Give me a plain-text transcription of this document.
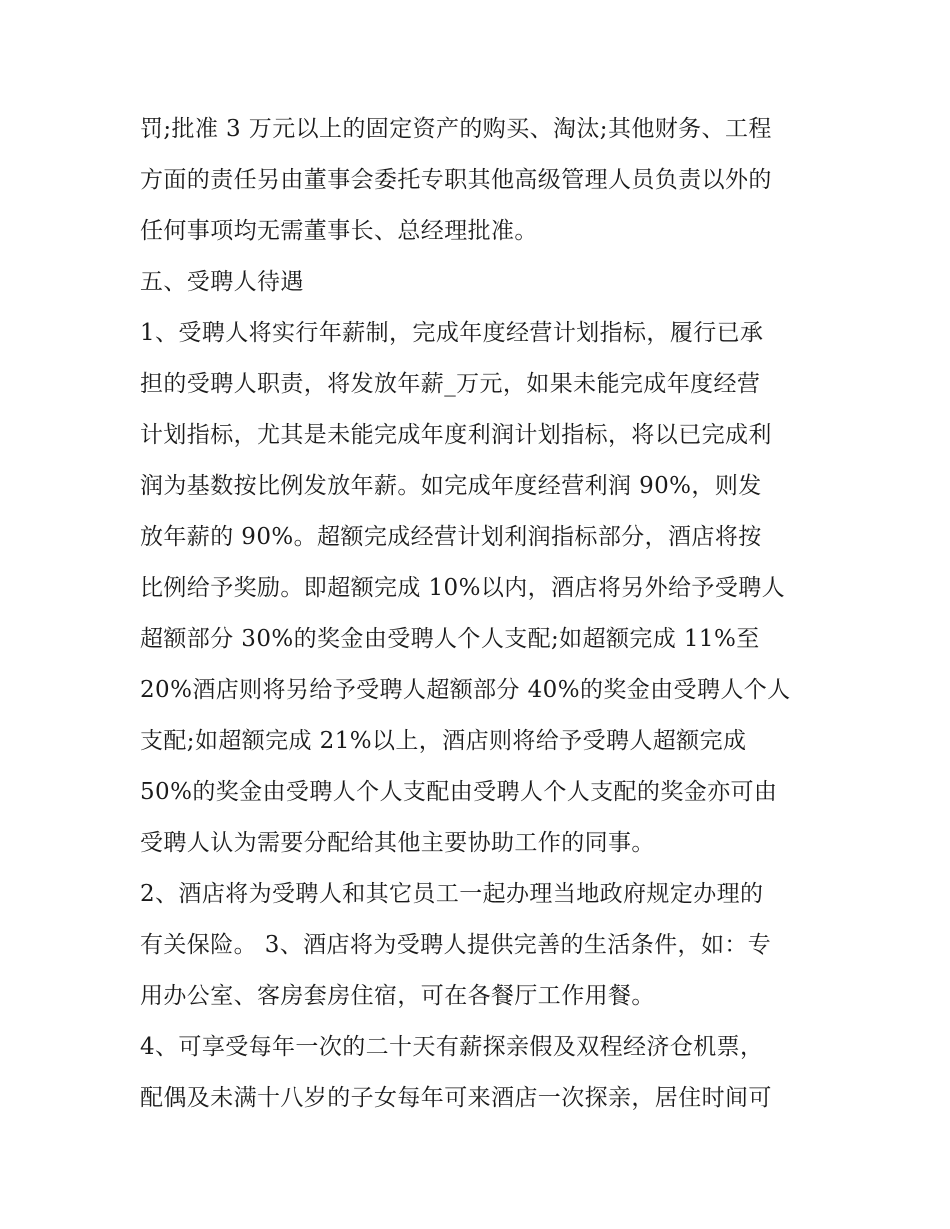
罚;批准 3 万元以上的固定资产的购买、淘汰;其他财务、工程
方面的责任另由董事会委托专职其他高级管理人员负责以外的
任何事项均无需董事长、总经理批准。
五、受聘人待遇
1、受聘人将实行年薪制，完成年度经营计划指标，履行已承
担的受聘人职责，将发放年薪_万元，如果未能完成年度经营
计划指标，尤其是未能完成年度利润计划指标，将以已完成利
润为基数按比例发放年薪。如完成年度经营利润 90%，则发
放年薪的 90%。超额完成经营计划利润指标部分，酒店将按
比例给予奖励。即超额完成 10%以内，酒店将另外给予受聘人
超额部分 30%的奖金由受聘人个人支配;如超额完成 11%至
20%酒店则将另给予受聘人超额部分 40%的奖金由受聘人个人
支配;如超额完成 21%以上，酒店则将给予受聘人超额完成
50%的奖金由受聘人个人支配由受聘人个人支配的奖金亦可由
受聘人认为需要分配给其他主要协助工作的同事。
2、酒店将为受聘人和其它员工一起办理当地政府规定办理的
有关保险。 3、酒店将为受聘人提供完善的生活条件，如：专
用办公室、客房套房住宿，可在各餐厅工作用餐。
4、可享受每年一次的二十天有薪探亲假及双程经济仓机票，
配偶及未满十八岁的子女每年可来酒店一次探亲，居住时间可
